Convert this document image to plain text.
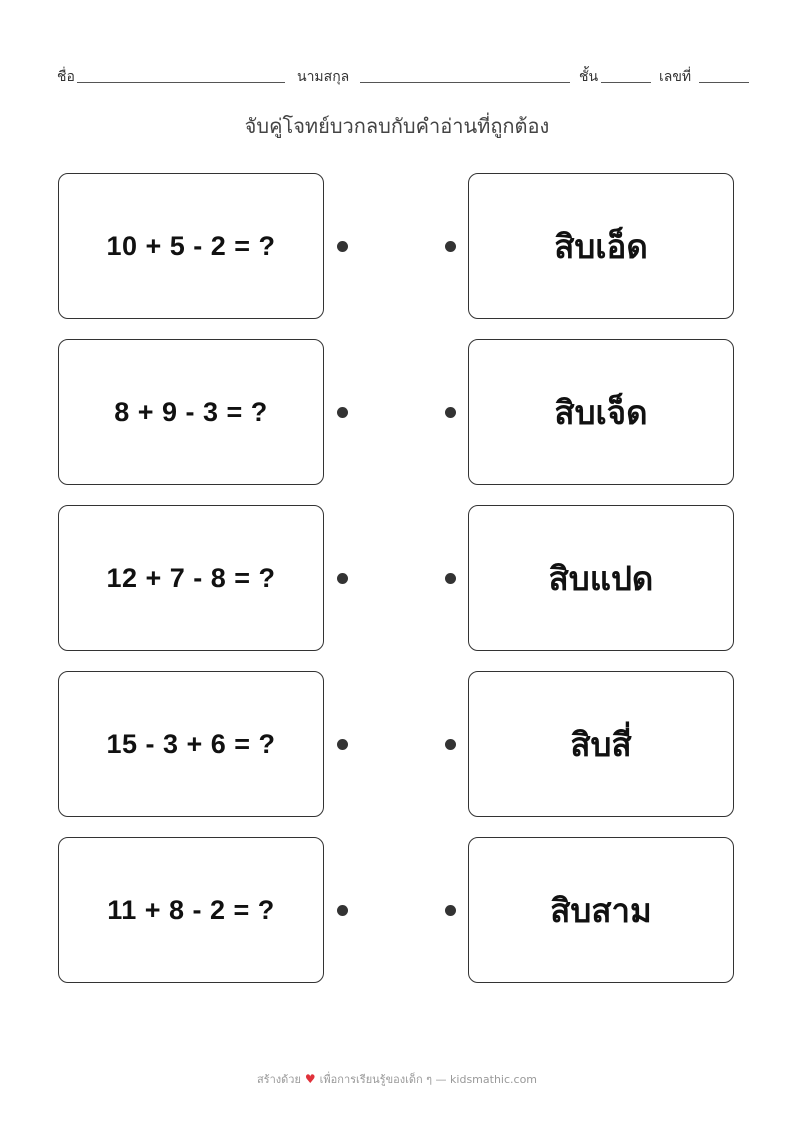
ชื่อ	นามสกุล	ชั้น	เลขที่
จับคู่โจทย์บวกลบกับคำอ่านที่ถูกต้อง
10 + 5 - 2 = ?	สิบเอ็ด
8 + 9 - 3 = ?	สิบเจ็ด
12 + 7 - 8 = ?	สิบแปด
15 - 3 + 6 = ?	สิบสี่
11 + 8 - 2 = ?	สิบสาม
สร้างด้วย ♥ เพื่อการเรียนรู้ของเด็ก ๆ — kidsmathic.com
